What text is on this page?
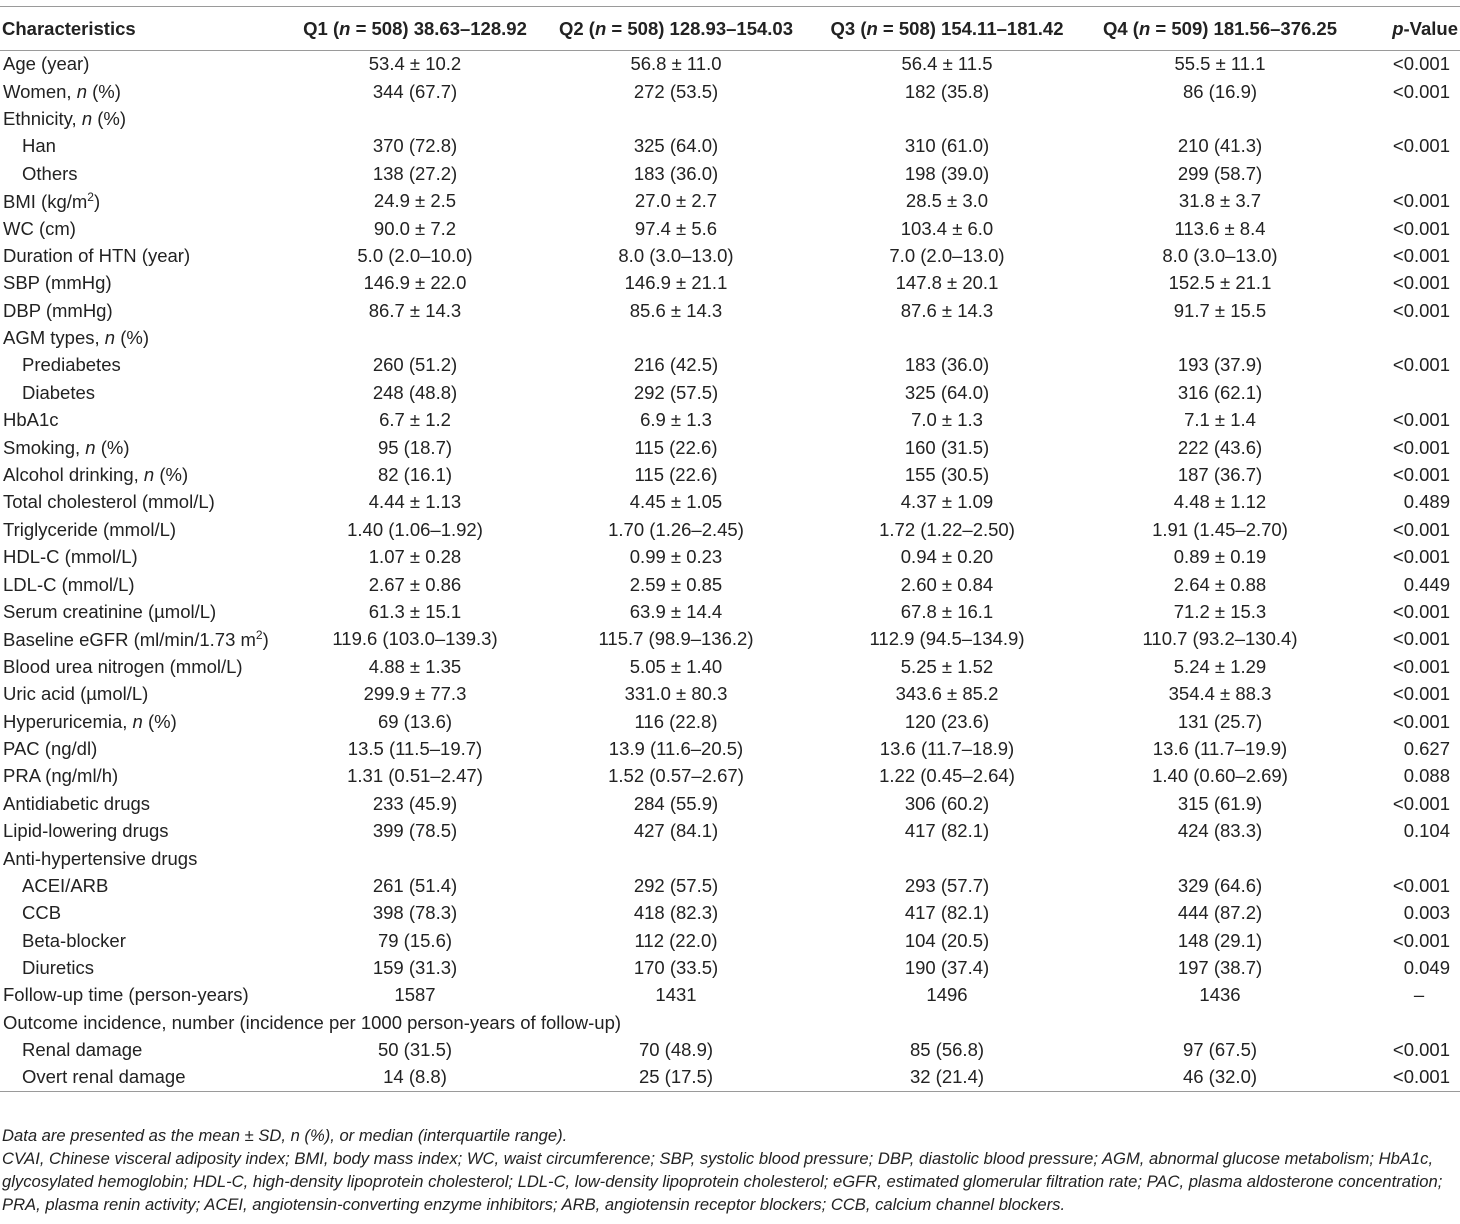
Characteristics	Q1 (n = 508) 38.63–128.92	Q2 (n = 508) 128.93–154.03	Q3 (n = 508) 154.11–181.42	Q4 (n = 509) 181.56–376.25	p-Value
Age (year)	53.4 ± 10.2	56.8 ± 11.0	56.4 ± 11.5	55.5 ± 11.1	<0.001
Women, n (%)	344 (67.7)	272 (53.5)	182 (35.8)	86 (16.9)	<0.001
Ethnicity, n (%)					
Han	370 (72.8)	325 (64.0)	310 (61.0)	210 (41.3)	<0.001
Others	138 (27.2)	183 (36.0)	198 (39.0)	299 (58.7)	
BMI $(kg/m^2)$	24.9 ± 2.5	27.0 ± 2.7	28.5 ± 3.0	31.8 ± 3.7	<0.001
WC (cm)	90.0 ± 7.2	97.4 ± 5.6	103.4 ± 6.0	113.6 ± 8.4	<0.001
Duration of HTN (year)	5.0 (2.0–10.0)	8.0 (3.0–13.0)	7.0 (2.0–13.0)	8.0 (3.0–13.0)	<0.001
SBP (mmHg)	146.9 ± 22.0	146.9 ± 21.1	147.8 ± 20.1	152.5 ± 21.1	<0.001
DBP (mmHg)	86.7 ± 14.3	85.6 ± 14.3	87.6 ± 14.3	91.7 ± 15.5	<0.001
AGM types, n (%)					
Prediabetes	260 (51.2)	216 (42.5)	183 (36.0)	193 (37.9)	<0.001
Diabetes	248 (48.8)	292 (57.5)	325 (64.0)	316 (62.1)	
HbA1c	6.7 ± 1.2	6.9 ± 1.3	7.0 ± 1.3	7.1 ± 1.4	<0.001
Smoking, n (%)	95 (18.7)	115 (22.6)	160 (31.5)	222 (43.6)	<0.001
Alcohol drinking, n (%)	82 (16.1)	115 (22.6)	155 (30.5)	187 (36.7)	<0.001
Total cholesterol (mmol/L)	4.44 ± 1.13	4.45 ± 1.05	4.37 ± 1.09	4.48 ± 1.12	0.489
Triglyceride (mmol/L)	1.40 (1.06–1.92)	1.70 (1.26–2.45)	1.72 (1.22–2.50)	1.91 (1.45–2.70)	<0.001
HDL-C (mmol/L)	1.07 ± 0.28	0.99 ± 0.23	0.94 ± 0.20	0.89 ± 0.19	<0.001
LDL-C (mmol/L)	2.67 ± 0.86	2.59 ± 0.85	2.60 ± 0.84	2.64 ± 0.88	0.449
Serum creatinine (µmol/L)	61.3 ± 15.1	63.9 ± 14.4	67.8 ± 16.1	71.2 ± 15.3	<0.001
Baseline eGFR (ml/min/1.73 $m^2$)	119.6 (103.0–139.3)	115.7 (98.9–136.2)	112.9 (94.5–134.9)	110.7 (93.2–130.4)	<0.001
Blood urea nitrogen (mmol/L)	4.88 ± 1.35	5.05 ± 1.40	5.25 ± 1.52	5.24 ± 1.29	<0.001
Uric acid (µmol/L)	299.9 ± 77.3	331.0 ± 80.3	343.6 ± 85.2	354.4 ± 88.3	<0.001
Hyperuricemia, n (%)	69 (13.6)	116 (22.8)	120 (23.6)	131 (25.7)	<0.001
PAC (ng/dl)	13.5 (11.5–19.7)	13.9 (11.6–20.5)	13.6 (11.7–18.9)	13.6 (11.7–19.9)	0.627
PRA (ng/ml/h)	1.31 (0.51–2.47)	1.52 (0.57–2.67)	1.22 (0.45–2.64)	1.40 (0.60–2.69)	0.088
Antidiabetic drugs	233 (45.9)	284 (55.9)	306 (60.2)	315 (61.9)	<0.001
Lipid-lowering drugs	399 (78.5)	427 (84.1)	417 (82.1)	424 (83.3)	0.104
Anti-hypertensive drugs					
ACEI/ARB	261 (51.4)	292 (57.5)	293 (57.7)	329 (64.6)	<0.001
CCB	398 (78.3)	418 (82.3)	417 (82.1)	444 (87.2)	0.003
Beta-blocker	79 (15.6)	112 (22.0)	104 (20.5)	148 (29.1)	<0.001
Diuretics	159 (31.3)	170 (33.5)	190 (37.4)	197 (38.7)	0.049
Follow-up time (person-years)	1587	1431	1496	1436	–
Outcome incidence, number (incidence per 1000 person-years of follow-up)					
Renal damage	50 (31.5)	70 (48.9)	85 (56.8)	97 (67.5)	<0.001
Overt renal damage	14 (8.8)	25 (17.5)	32 (21.4)	46 (32.0)	<0.001

Data are presented as the mean ± SD, n (%), or median (interquartile range).

CVAI, Chinese visceral adiposity index; BMI, body mass index; WC, waist circumference; SBP, systolic blood pressure; DBP, diastolic blood pressure; AGM, abnormal glucose metabolism; HbA1c, glycosylated hemoglobin; HDL-C, high-density lipoprotein cholesterol; LDL-C, low-density lipoprotein cholesterol; eGFR, estimated glomerular filtration rate; PAC, plasma aldosterone concentration; PRA, plasma renin activity; ACEI, angiotensin-converting enzyme inhibitors; ARB, angiotensin receptor blockers; CCB, calcium channel blockers.
